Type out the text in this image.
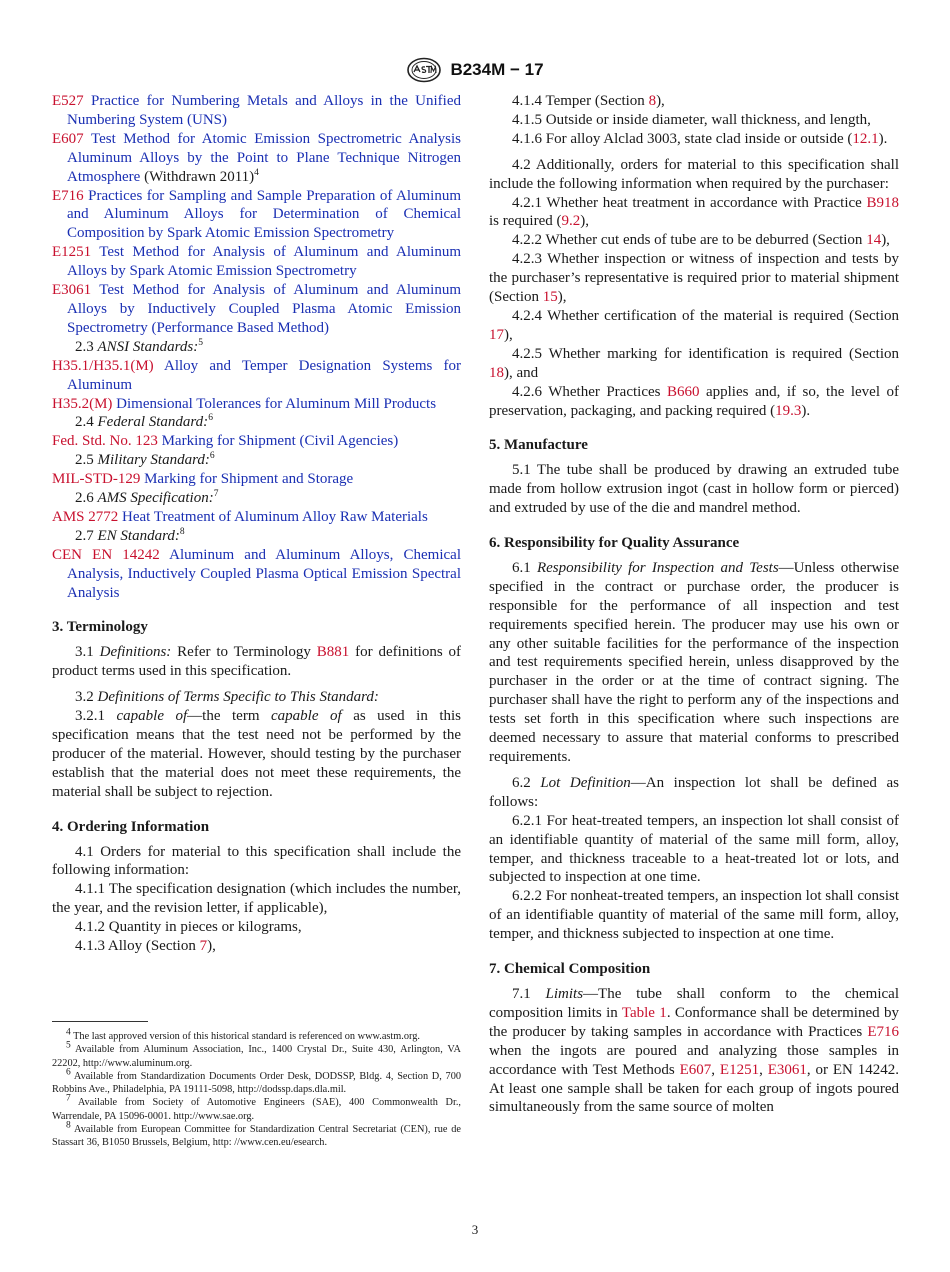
B234M − 17

E527 Practice for Numbering Metals and Alloys in the Unified Numbering System (UNS)

E607 Test Method for Atomic Emission Spectrometric Analysis Aluminum Alloys by the Point to Plane Technique Nitrogen Atmosphere (Withdrawn 2011)$^4$

E716 Practices for Sampling and Sample Preparation of Aluminum and Aluminum Alloys for Determination of Chemical Composition by Spark Atomic Emission Spectrometry

E1251 Test Method for Analysis of Aluminum and Aluminum Alloys by Spark Atomic Emission Spectrometry

E3061 Test Method for Analysis of Aluminum and Aluminum Alloys by Inductively Coupled Plasma Atomic Emission Spectrometry (Performance Based Method)

2.3 ANSI Standards:$^5$

H35.1/H35.1(M) Alloy and Temper Designation Systems for Aluminum

H35.2(M) Dimensional Tolerances for Aluminum Mill Products

2.4 Federal Standard:$^6$

Fed. Std. No. 123 Marking for Shipment (Civil Agencies)

2.5 Military Standard:$^6$

MIL-STD-129 Marking for Shipment and Storage

2.6 AMS Specification:$^7$

AMS 2772 Heat Treatment of Aluminum Alloy Raw Materials

2.7 EN Standard:$^8$

CEN EN 14242 Aluminum and Aluminum Alloys, Chemical Analysis, Inductively Coupled Plasma Optical Emission Spectral Analysis

3. Terminology

3.1 Definitions: Refer to Terminology B881 for definitions of product terms used in this specification.

3.2 Definitions of Terms Specific to This Standard:

3.2.1 capable of—the term capable of as used in this specification means that the test need not be performed by the producer of the material. However, should testing by the purchaser establish that the material does not meet these requirements, the material shall be subject to rejection.

4. Ordering Information

4.1 Orders for material to this specification shall include the following information:

4.1.1 The specification designation (which includes the number, the year, and the revision letter, if applicable),

4.1.2 Quantity in pieces or kilograms,

4.1.3 Alloy (Section 7),

4.1.4 Temper (Section 8),

4.1.5 Outside or inside diameter, wall thickness, and length,

4.1.6 For alloy Alclad 3003, state clad inside or outside (12.1).

4.2 Additionally, orders for material to this specification shall include the following information when required by the purchaser:

4.2.1 Whether heat treatment in accordance with Practice B918 is required (9.2),

4.2.2 Whether cut ends of tube are to be deburred (Section 14),

4.2.3 Whether inspection or witness of inspection and tests by the purchaser’s representative is required prior to material shipment (Section 15),

4.2.4 Whether certification of the material is required (Section 17),

4.2.5 Whether marking for identification is required (Section 18), and

4.2.6 Whether Practices B660 applies and, if so, the level of preservation, packaging, and packing required (19.3).

5. Manufacture

5.1 The tube shall be produced by drawing an extruded tube made from hollow extrusion ingot (cast in hollow form or pierced) and extruded by use of the die and mandrel method.

6. Responsibility for Quality Assurance

6.1 Responsibility for Inspection and Tests—Unless otherwise specified in the contract or purchase order, the producer is responsible for the performance of all inspection and test requirements specified herein. The producer may use his own or any other suitable facilities for the performance of the inspection and test requirements specified herein, unless disapproved by the purchaser in the order or at the time of contract signing. The purchaser shall have the right to perform any of the inspections and tests set forth in this specification where such inspections are deemed necessary to assure that material conforms to prescribed requirements.

6.2 Lot Definition—An inspection lot shall be defined as follows:

6.2.1 For heat-treated tempers, an inspection lot shall consist of an identifiable quantity of material of the same mill form, alloy, temper, and thickness traceable to a heat-treated lot or lots, and subjected to inspection at one time.

6.2.2 For nonheat-treated tempers, an inspection lot shall consist of an identifiable quantity of material of the same mill form, alloy, temper, and thickness subjected to inspection at one time.

7. Chemical Composition

7.1 Limits—The tube shall conform to the chemical composition limits in Table 1. Conformance shall be determined by the producer by taking samples in accordance with Practices E716 when the ingots are poured and analyzing those samples in accordance with Test Methods E607, E1251, E3061, or EN 14242. At least one sample shall be taken for each group of ingots poured simultaneously from the same source of molten

$^4$ The last approved version of this historical standard is referenced on www.astm.org.

$^5$ Available from Aluminum Association, Inc., 1400 Crystal Dr., Suite 430, Arlington, VA 22202, http://www.aluminum.org.

$^6$ Available from Standardization Documents Order Desk, DODSSP, Bldg. 4, Section D, 700 Robbins Ave., Philadelphia, PA 19111-5098, http://dodssp.daps.dla.mil.

$^7$ Available from Society of Automotive Engineers (SAE), 400 Commonwealth Dr., Warrendale, PA 15096-0001. http://www.sae.org.

$^8$ Available from European Committee for Standardization Central Secretariat (CEN), rue de Stassart 36, B1050 Brussels, Belgium, http: //www.cen.eu/esearch.

3
